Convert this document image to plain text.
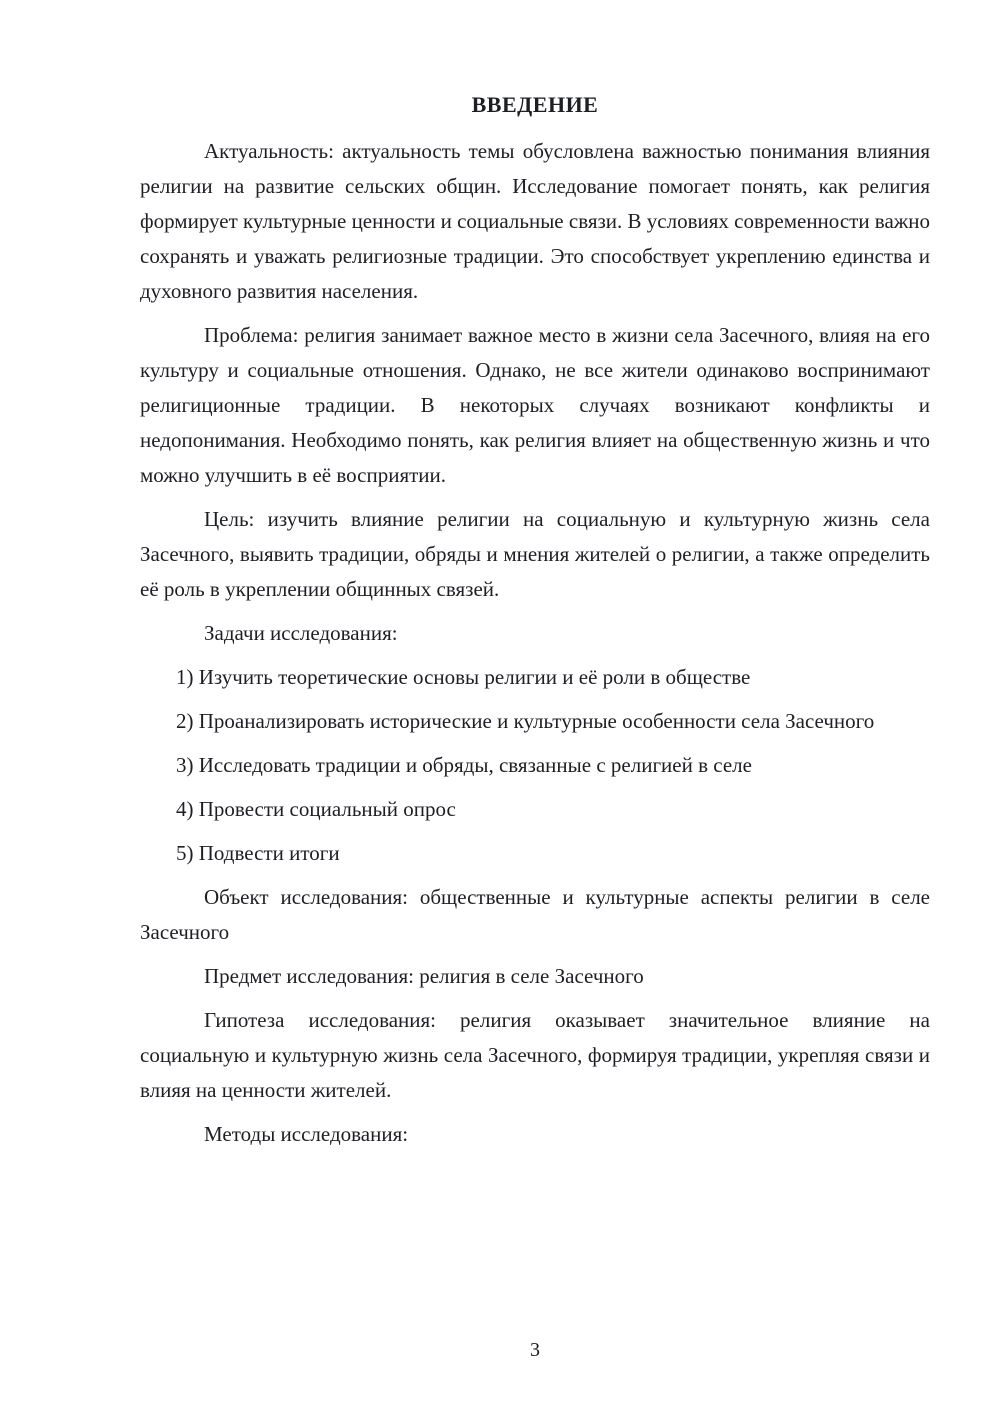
ВВЕДЕНИЕ

Актуальность: актуальность темы обусловлена важностью понимания влияния религии на развитие сельских общин. Исследование помогает понять, как религия формирует культурные ценности и социальные связи. В условиях современности важно сохранять и уважать религиозные традиции. Это способствует укреплению единства и духовного развития населения.

Проблема: религия занимает важное место в жизни села Засечного, влияя на его культуру и социальные отношения. Однако, не все жители одинаково воспринимают религиционные традиции. В некоторых случаях возникают конфликты и недопонимания. Необходимо понять, как религия влияет на общественную жизнь и что можно улучшить в её восприятии.

Цель: изучить влияние религии на социальную и культурную жизнь села Засечного, выявить традиции, обряды и мнения жителей о религии, а также определить её роль в укреплении общинных связей.

Задачи исследования:

1) Изучить теоретические основы религии и её роли в обществе

2) Проанализировать исторические и культурные особенности села Засечного

3) Исследовать традиции и обряды, связанные с религией в селе

4) Провести социальный опрос

5) Подвести итоги

Объект исследования: общественные и культурные аспекты религии в селе Засечного

Предмет исследования: религия в селе Засечного

Гипотеза исследования: религия оказывает значительное влияние на социальную и культурную жизнь села Засечного, формируя традиции, укрепляя связи и влияя на ценности жителей.

Методы исследования:

3
